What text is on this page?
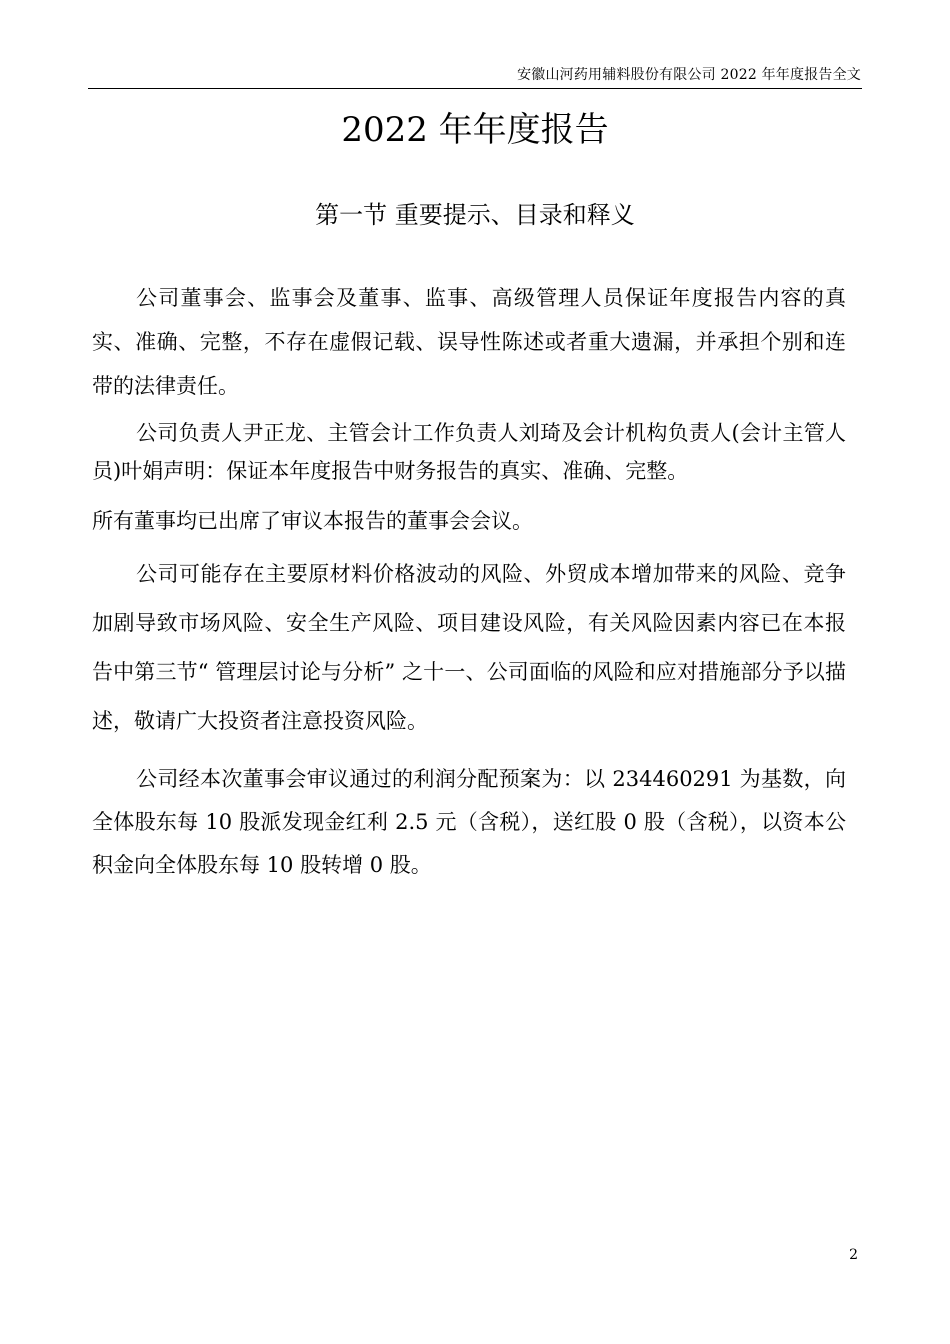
安徽山河药用辅料股份有限公司 2022 年年度报告全文
2022 年年度报告
第一节 重要提示、目录和释义

公司董事会、监事会及董事、监事、高级管理人员保证年度报告内容的真实、准确、完整，不存在虚假记载、误导性陈述或者重大遗漏，并承担个别和连带的法律责任。

公司负责人尹正龙、主管会计工作负责人刘琦及会计机构负责人(会计主管人员)叶娟声明：保证本年度报告中财务报告的真实、准确、完整。

所有董事均已出席了审议本报告的董事会会议。

公司可能存在主要原材料价格波动的风险、外贸成本增加带来的风险、竞争加剧导致市场风险、安全生产风险、项目建设风险，有关风险因素内容已在本报告中第三节“ 管理层讨论与分析” 之十一、公司面临的风险和应对措施部分予以描述，敬请广大投资者注意投资风险。

公司经本次董事会审议通过的利润分配预案为：以 234460291 为基数，向全体股东每 10 股派发现金红利 2.5 元（含税），送红股 0 股（含税），以资本公积金向全体股东每 10 股转增 0 股。

2
